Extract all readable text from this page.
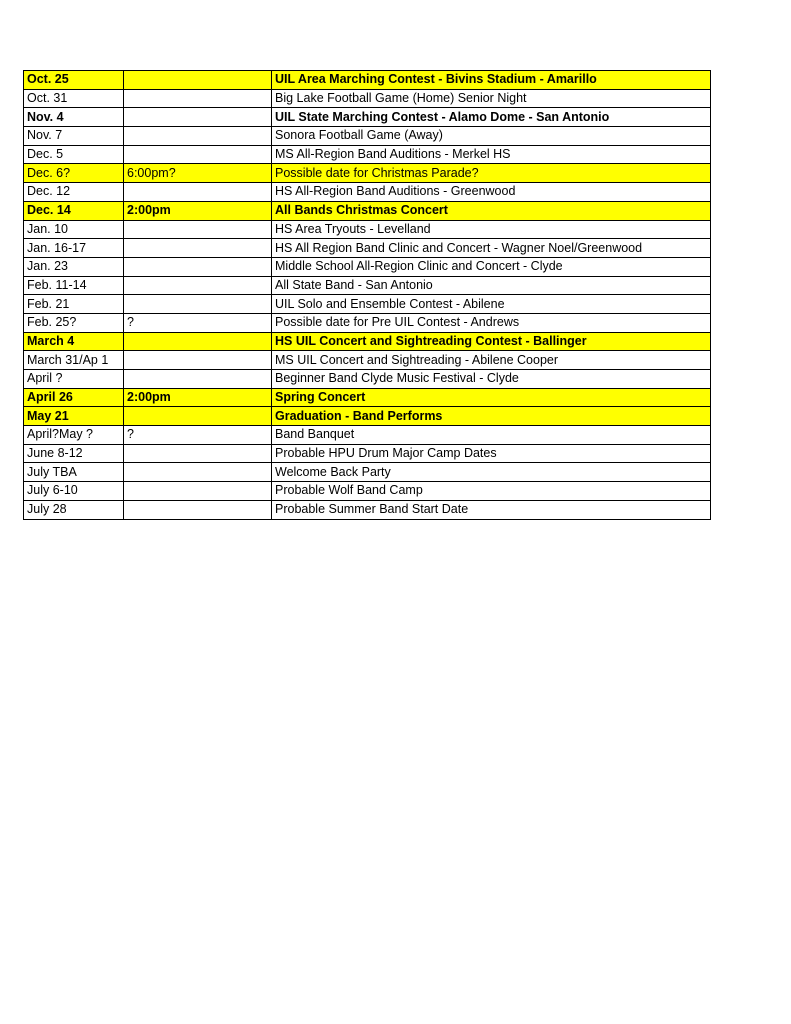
Oct. 25		UIL Area Marching Contest - Bivins Stadium - Amarillo
Oct. 31		Big Lake Football Game (Home) Senior Night
Nov. 4		UIL State Marching Contest - Alamo Dome - San Antonio
Nov. 7		Sonora Football Game (Away)
Dec. 5		MS All-Region Band Auditions - Merkel HS
Dec. 6?	6:00pm?	Possible date for Christmas Parade?
Dec. 12		HS All-Region Band Auditions - Greenwood
Dec. 14	2:00pm	All Bands Christmas Concert
Jan. 10		HS Area Tryouts - Levelland
Jan. 16-17		HS All Region Band Clinic and Concert - Wagner Noel/Greenwood
Jan. 23		Middle School All-Region Clinic and Concert - Clyde
Feb. 11-14		All State Band - San Antonio
Feb. 21		UIL Solo and Ensemble Contest - Abilene
Feb. 25?	?	Possible date for Pre UIL Contest - Andrews
March 4		HS UIL Concert and Sightreading Contest - Ballinger
March 31/Ap 1		MS UIL Concert and Sightreading - Abilene Cooper
April ?		Beginner Band Clyde Music Festival - Clyde
April 26	2:00pm	Spring Concert
May 21		Graduation - Band Performs
April?May ?	?	Band Banquet
June 8-12		Probable HPU Drum Major Camp Dates
July TBA		Welcome Back Party
July 6-10		Probable Wolf Band Camp
July 28		Probable Summer Band Start Date
